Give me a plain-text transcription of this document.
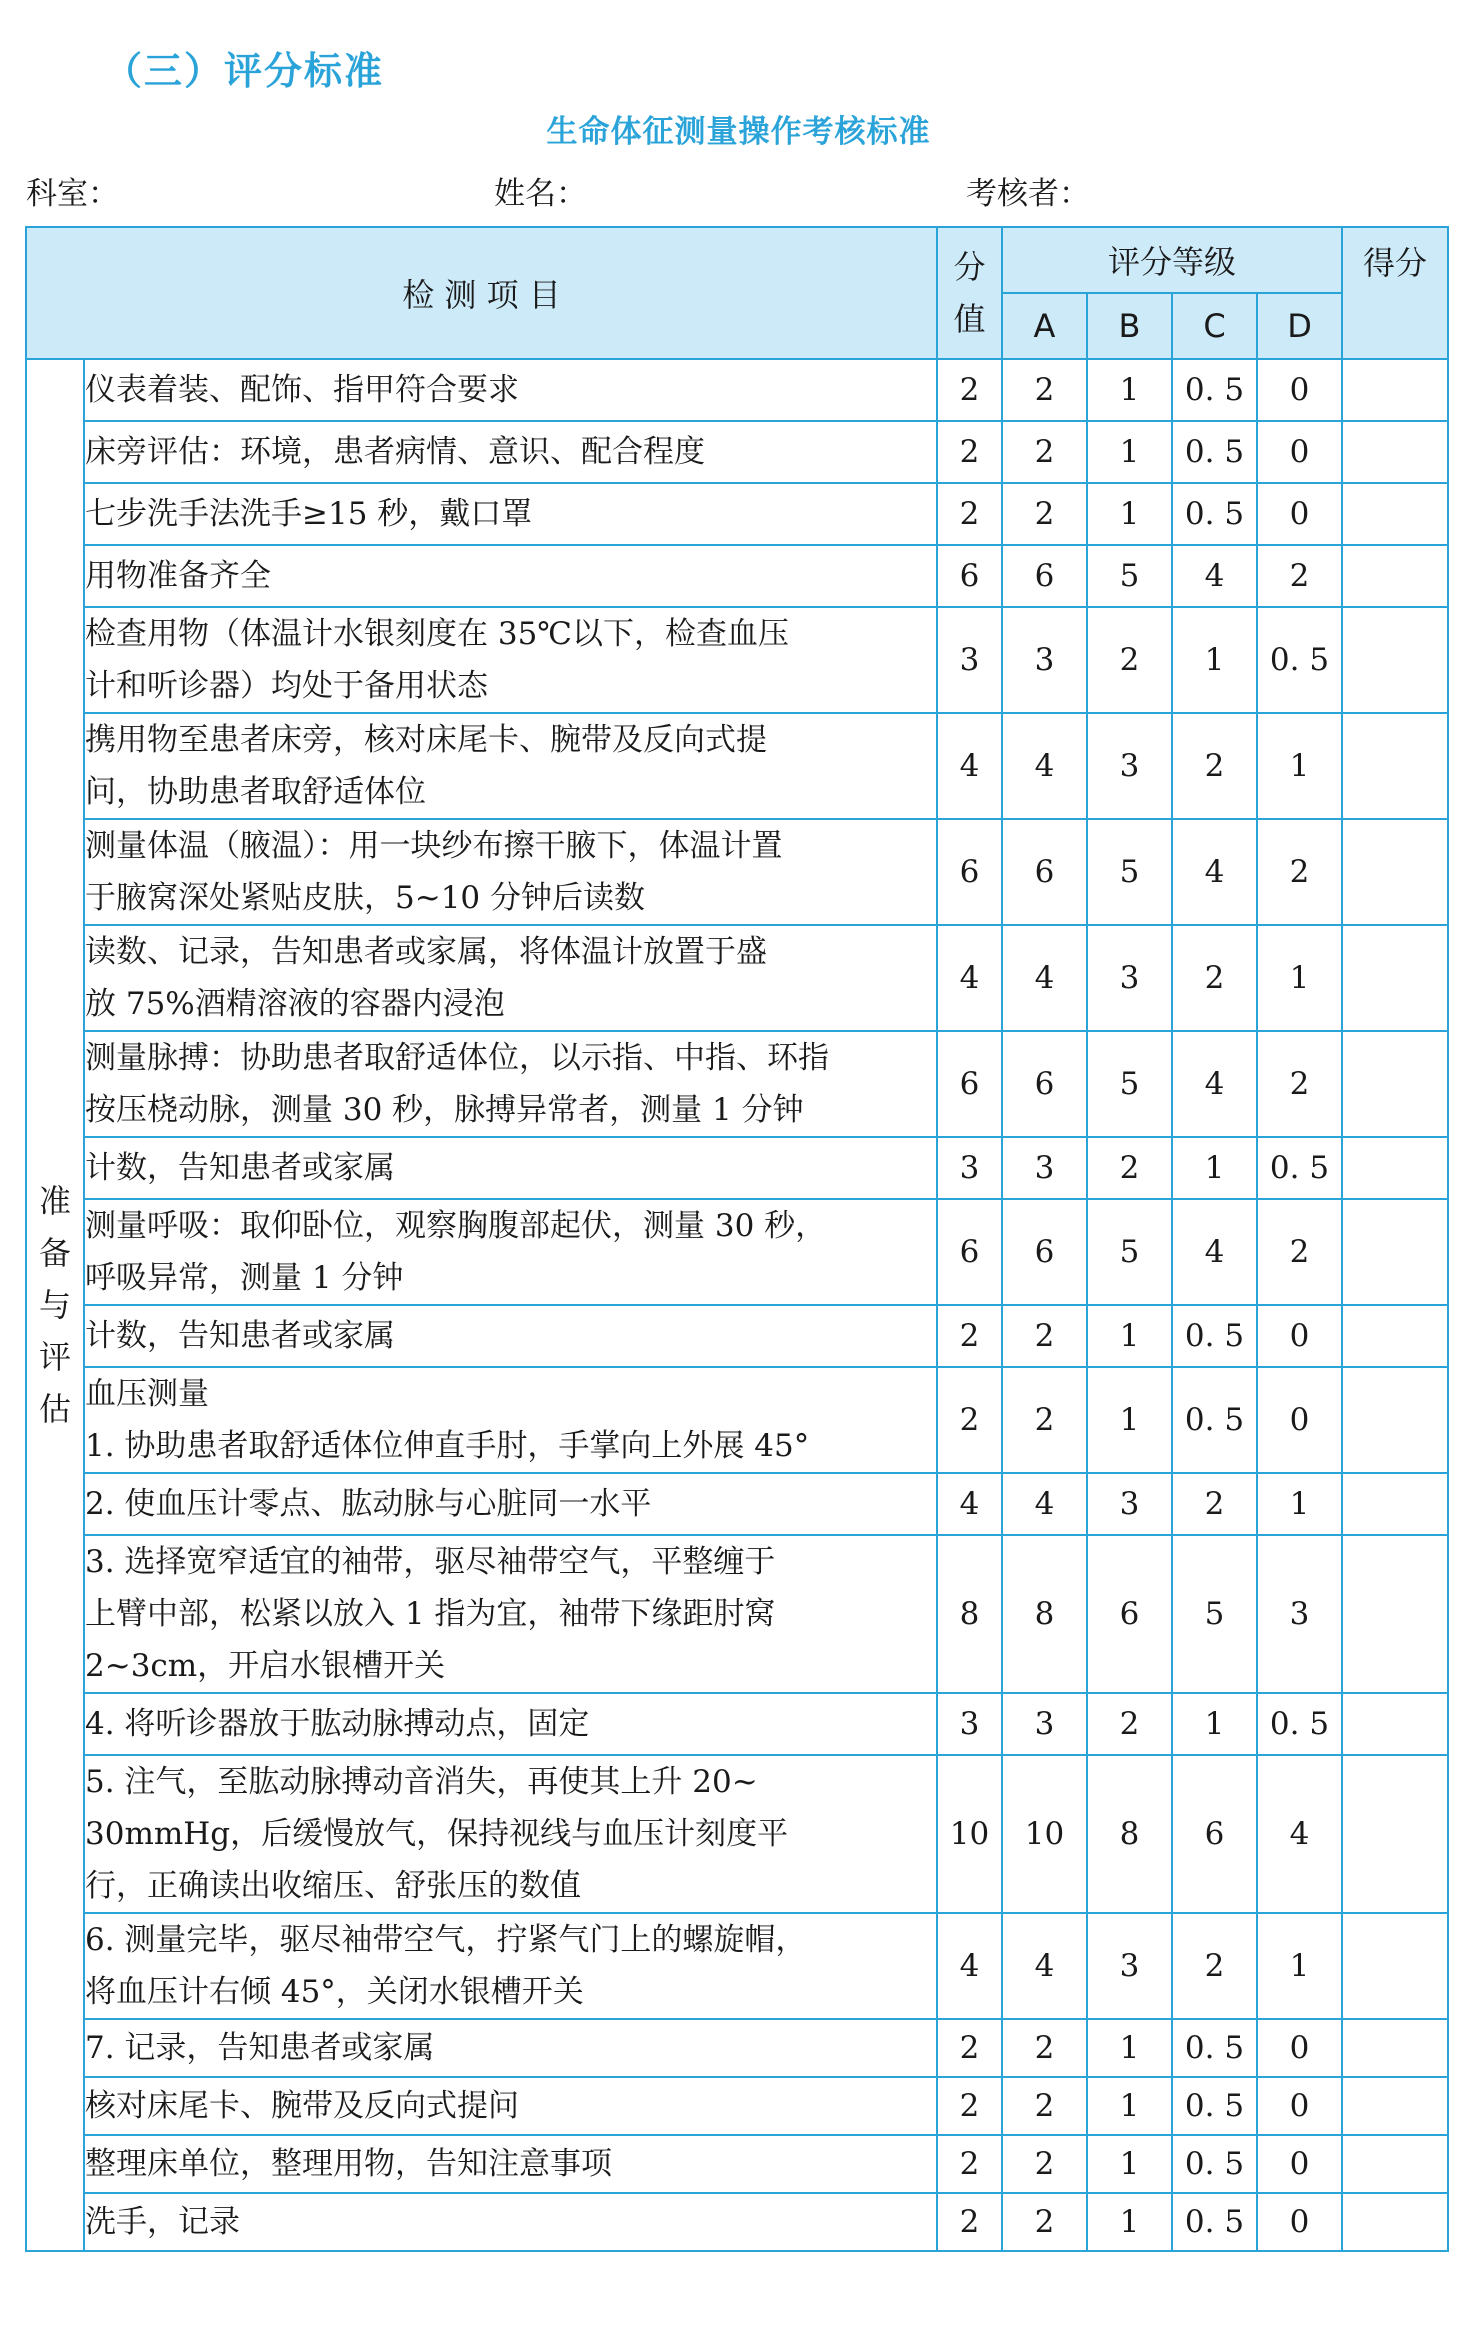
（三）评分标准
生命体征测量操作考核标准
科室：	姓名：	考核者：
检 测 项 目		分值	评分等级				得分
			A	B	C	D	

准备与评估	仪表着装、配饰、指甲符合要求	2	2	1	0. 5	0	

	床旁评估：环境，患者病情、意识、配合程度	2	2	1	0. 5	0	

	七步洗手法洗手≥15 秒，戴口罩	2	2	1	0. 5	0	

	用物准备齐全	6	6	5	4	2	

	检查用物（体温计水银刻度在 35℃以下，检查血压
计和听诊器）均处于备用状态	3	3	2	1	0. 5	

	携用物至患者床旁，核对床尾卡、腕带及反向式提
问，协助患者取舒适体位	4	4	3	2	1	

	测量体温（腋温）：用一块纱布擦干腋下，体温计置
于腋窝深处紧贴皮肤，5~10 分钟后读数	6	6	5	4	2	

	读数、记录，告知患者或家属，将体温计放置于盛
放 75%酒精溶液的容器内浸泡	4	4	3	2	1	

	测量脉搏：协助患者取舒适体位，以示指、中指、环指
按压桡动脉，测量 30 秒，脉搏异常者，测量 1 分钟	6	6	5	4	2	

	计数，告知患者或家属	3	3	2	1	0. 5	

	测量呼吸：取仰卧位，观察胸腹部起伏，测量 30 秒，
呼吸异常，测量 1 分钟	6	6	5	4	2	

	计数，告知患者或家属	2	2	1	0. 5	0	

	血压测量
1. 协助患者取舒适体位伸直手肘，手掌向上外展 45°	2	2	1	0. 5	0	

	2. 使血压计零点、肱动脉与心脏同一水平	4	4	3	2	1	

	3. 选择宽窄适宜的袖带，驱尽袖带空气，平整缠于
上臂中部，松紧以放入 1 指为宜，袖带下缘距肘窝
2~3cm，开启水银槽开关	8	8	6	5	3	

	4. 将听诊器放于肱动脉搏动点，固定	3	3	2	1	0. 5	

	5. 注气，至肱动脉搏动音消失，再使其上升 20~
30mmHg，后缓慢放气，保持视线与血压计刻度平
行，正确读出收缩压、舒张压的数值	10	10	8	6	4	

	6. 测量完毕，驱尽袖带空气，拧紧气门上的螺旋帽，
将血压计右倾 45°，关闭水银槽开关	4	4	3	2	1	

	7. 记录，告知患者或家属	2	2	1	0. 5	0	

	核对床尾卡、腕带及反向式提问	2	2	1	0. 5	0	

	整理床单位，整理用物，告知注意事项	2	2	1	0. 5	0	

	洗手，记录	2	2	1	0. 5	0	
